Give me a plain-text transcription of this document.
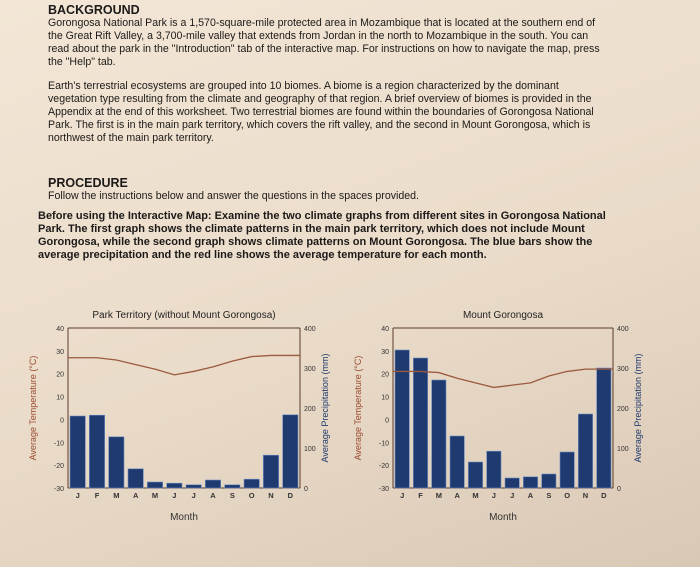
BACKGROUND

Gorongosa National Park is a 1,570-square-mile protected area in Mozambique that is located at the southern end of the Great Rift Valley, a 3,700-mile valley that extends from Jordan in the north to Mozambique in the south. You can read about the park in the "Introduction" tab of the interactive map. For instructions on how to navigate the map, press the "Help" tab.

Earth's terrestrial ecosystems are grouped into 10 biomes. A biome is a region characterized by the dominant vegetation type resulting from the climate and geography of that region. A brief overview of biomes is provided in the Appendix at the end of this worksheet. Two terrestrial biomes are found within the boundaries of Gorongosa National Park. The first is in the main park territory, which covers the rift valley, and the second in Mount Gorongosa, which is northwest of the main park territory.

PROCEDURE

Follow the instructions below and answer the questions in the spaces provided.

Before using the Interactive Map: Examine the two climate graphs from different sites in Gorongosa National Park. The first graph shows the climate patterns in the main park territory, which does not include Mount Gorongosa, while the second graph shows climate patterns on Mount Gorongosa. The blue bars show the average precipitation and the red line shows the average temperature for each month.
Park Territory (without Mount Gorongosa)
40
30
20
10
0
-10
-20
-30
400
300
200
100
0
J F M A M J J A S O N D
Month
Average Temperature (°C)	Average Precipitation (mm)
Mount Gorongosa
40
30
20
10
0
-10
-20
-30
400
300
200
100
0
J F M A M J J A S O N D
Month
Average Temperature (°C)	Average Precipitation (mm)
